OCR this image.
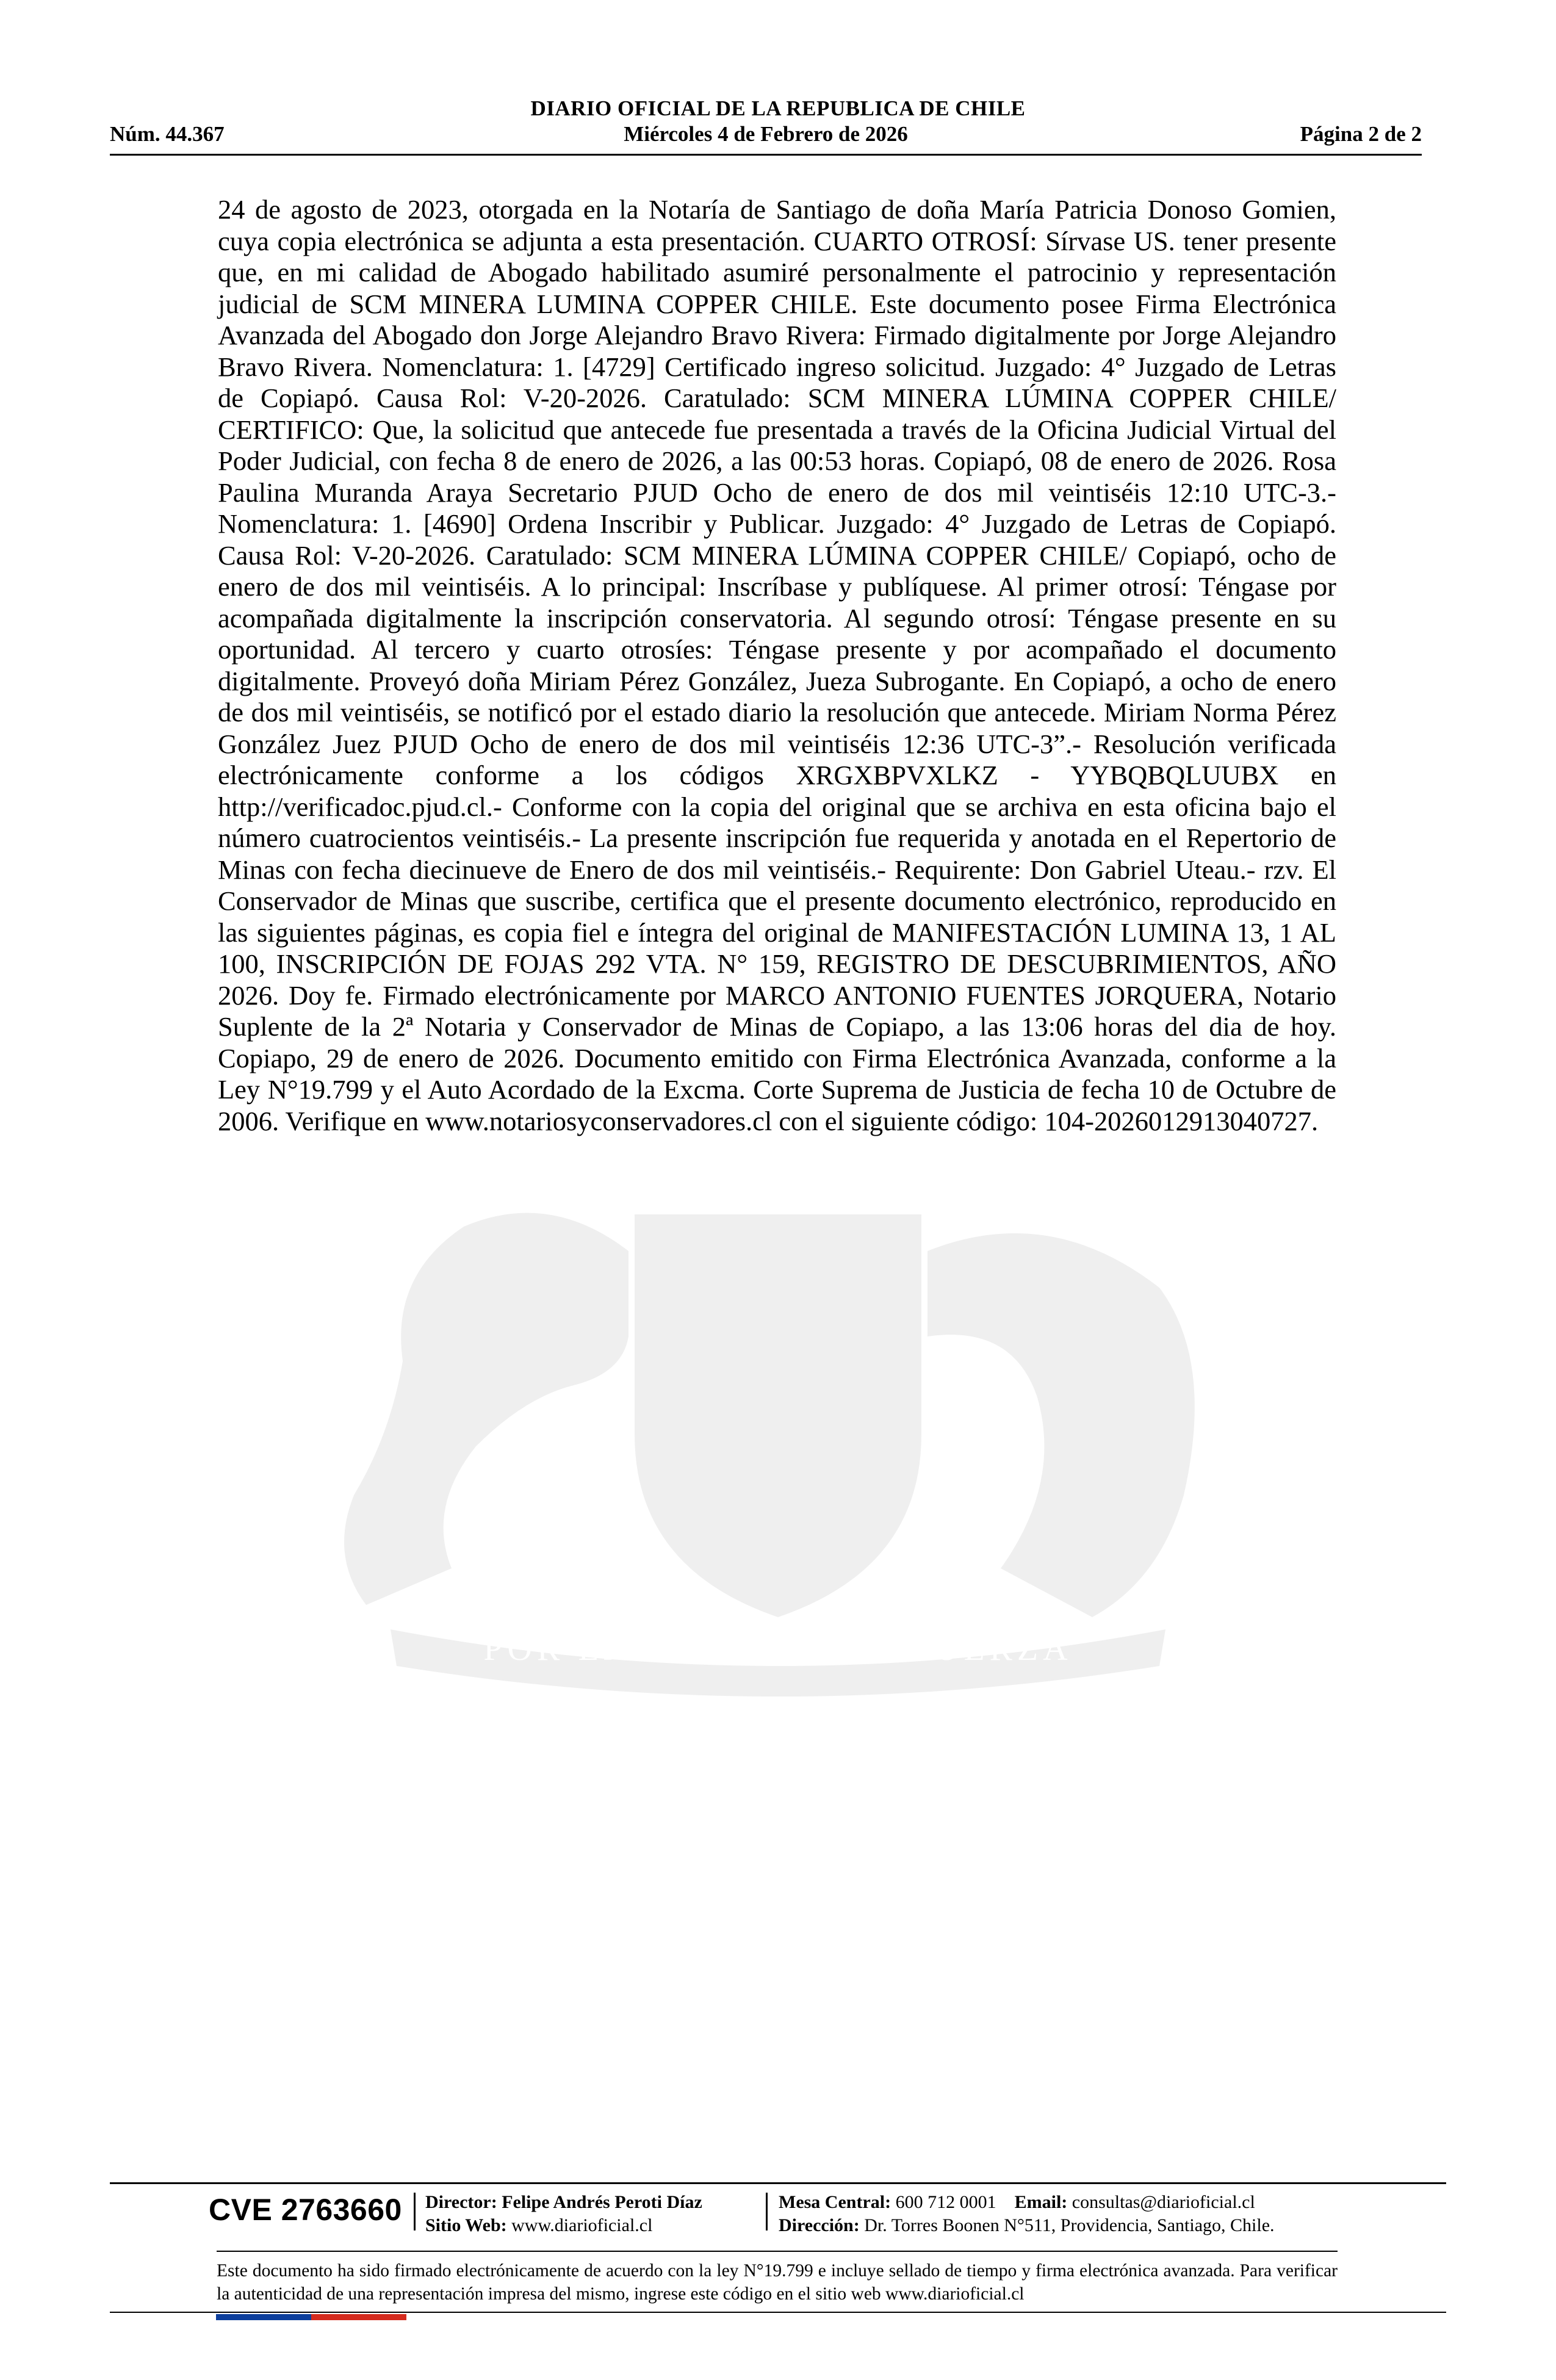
DIARIO OFICIAL DE LA REPUBLICA DE CHILE
Miércoles 4 de Febrero de 2026
Núm. 44.367	Página 2 de 2
POR LA RAZON O LA FUERZA
24 de agosto de 2023, otorgada en la Notaría de Santiago de doña María Patricia Donoso Gomien, cuya copia electrónica se adjunta a esta presentación. CUARTO OTROSÍ: Sírvase US. tener presente que, en mi calidad de Abogado habilitado asumiré personalmente el patrocinio y representación judicial de SCM MINERA LUMINA COPPER CHILE. Este documento posee Firma Electrónica Avanzada del Abogado don Jorge Alejandro Bravo Rivera: Firmado digitalmente por Jorge Alejandro Bravo Rivera. Nomenclatura: 1. [4729] Certificado ingreso solicitud. Juzgado: 4° Juzgado de Letras de Copiapó. Causa Rol: V-20-2026. Caratulado: SCM MINERA LÚMINA COPPER CHILE/ CERTIFICO: Que, la solicitud que antecede fue presentada a través de la Oficina Judicial Virtual del Poder Judicial, con fecha 8 de enero de 2026, a las 00:53 horas. Copiapó, 08 de enero de 2026. Rosa Paulina Muranda Araya Secretario PJUD Ocho de enero de dos mil veintiséis 12:10 UTC-3.- Nomenclatura: 1. [4690] Ordena Inscribir y Publicar. Juzgado: 4° Juzgado de Letras de Copiapó. Causa Rol: V-20-2026. Caratulado: SCM MINERA LÚMINA COPPER CHILE/ Copiapó, ocho de enero de dos mil veintiséis. A lo principal: Inscríbase y publíquese. Al primer otrosí: Téngase por acompañada digitalmente la inscripción conservatoria. Al segundo otrosí: Téngase presente en su oportunidad. Al tercero y cuarto otrosíes: Téngase presente y por acompañado el documento digitalmente. Proveyó doña Miriam Pérez González, Jueza Subrogante. En Copiapó, a ocho de enero de dos mil veintiséis, se notificó por el estado diario la resolución que antecede. Miriam Norma Pérez González Juez PJUD Ocho de enero de dos mil veintiséis 12:36 UTC-3”.- Resolución verificada electrónicamente conforme a los códigos XRGXBPVXLKZ - YYBQBQLUUBX en http://verificadoc.pjud.cl.- Conforme con la copia del original que se archiva en esta oficina bajo el número cuatrocientos veintiséis.- La presente inscripción fue requerida y anotada en el Repertorio de Minas con fecha diecinueve de Enero de dos mil veintiséis.- Requirente: Don Gabriel Uteau.- rzv. El Conservador de Minas que suscribe, certifica que el presente documento electrónico, reproducido en las siguientes páginas, es copia fiel e íntegra del original de MANIFESTACIÓN LUMINA 13, 1 AL 100, INSCRIPCIÓN DE FOJAS 292 VTA. N° 159, REGISTRO DE DESCUBRIMIENTOS, AÑO 2026. Doy fe. Firmado electrónicamente por MARCO ANTONIO FUENTES JORQUERA, Notario Suplente de la 2ª Notaria y Conservador de Minas de Copiapo, a las 13:06 horas del dia de hoy. Copiapo, 29 de enero de 2026. Documento emitido con Firma Electrónica Avanzada, conforme a la Ley N°19.799 y el Auto Acordado de la Excma. Corte Suprema de Justicia de fecha 10 de Octubre de 2006. Verifique en www.notariosyconservadores.cl con el siguiente código: 104-2026012913040727.
CVE 2763660 Director: Felipe Andrés Peroti Díaz
Sitio Web: www.diarioficial.cl
Mesa Central: 600 712 0001 Email: consultas@diarioficial.cl
Dirección: Dr. Torres Boonen N°511, Providencia, Santiago, Chile.
Este documento ha sido firmado electrónicamente de acuerdo con la ley N°19.799 e incluye sellado de tiempo y firma electrónica avanzada. Para verificar la autenticidad de una representación impresa del mismo, ingrese este código en el sitio web www.diarioficial.cl
